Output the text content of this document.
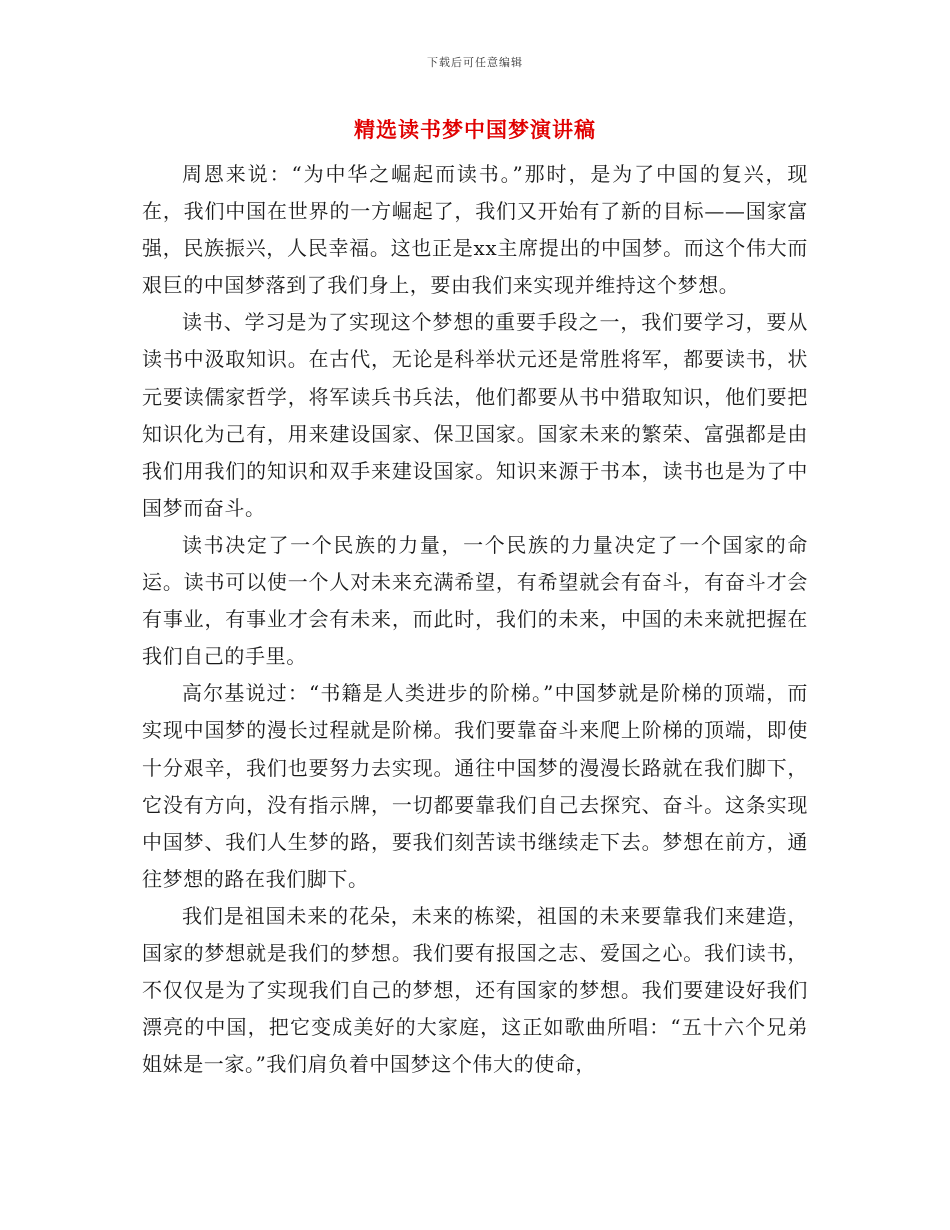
下载后可任意编辑
精选读书梦中国梦演讲稿

周恩来说：“为中华之崛起而读书。”那时，是为了中国的复兴，现在，我们中国在世界的一方崛起了，我们又开始有了新的目标——国家富强，民族振兴，人民幸福。这也正是xx主席提出的中国梦。而这个伟大而艰巨的中国梦落到了我们身上，要由我们来实现并维持这个梦想。

读书、学习是为了实现这个梦想的重要手段之一，我们要学习，要从读书中汲取知识。在古代，无论是科举状元还是常胜将军，都要读书，状元要读儒家哲学，将军读兵书兵法，他们都要从书中猎取知识，他们要把知识化为己有，用来建设国家、保卫国家。国家未来的繁荣、富强都是由我们用我们的知识和双手来建设国家。知识来源于书本，读书也是为了中国梦而奋斗。

读书决定了一个民族的力量，一个民族的力量决定了一个国家的命运。读书可以使一个人对未来充满希望，有希望就会有奋斗，有奋斗才会有事业，有事业才会有未来，而此时，我们的未来，中国的未来就把握在我们自己的手里。

高尔基说过：“书籍是人类进步的阶梯。”中国梦就是阶梯的顶端，而实现中国梦的漫长过程就是阶梯。我们要靠奋斗来爬上阶梯的顶端，即使十分艰辛，我们也要努力去实现。通往中国梦的漫漫长路就在我们脚下，它没有方向，没有指示牌，一切都要靠我们自己去探究、奋斗。这条实现中国梦、我们人生梦的路，要我们刻苦读书继续走下去。梦想在前方，通往梦想的路在我们脚下。

我们是祖国未来的花朵，未来的栋梁，祖国的未来要靠我们来建造，国家的梦想就是我们的梦想。我们要有报国之志、爱国之心。我们读书，不仅仅是为了实现我们自己的梦想，还有国家的梦想。我们要建设好我们漂亮的中国，把它变成美好的大家庭，这正如歌曲所唱：“五十六个兄弟姐妹是一家。”我们肩负着中国梦这个伟大的使命，
